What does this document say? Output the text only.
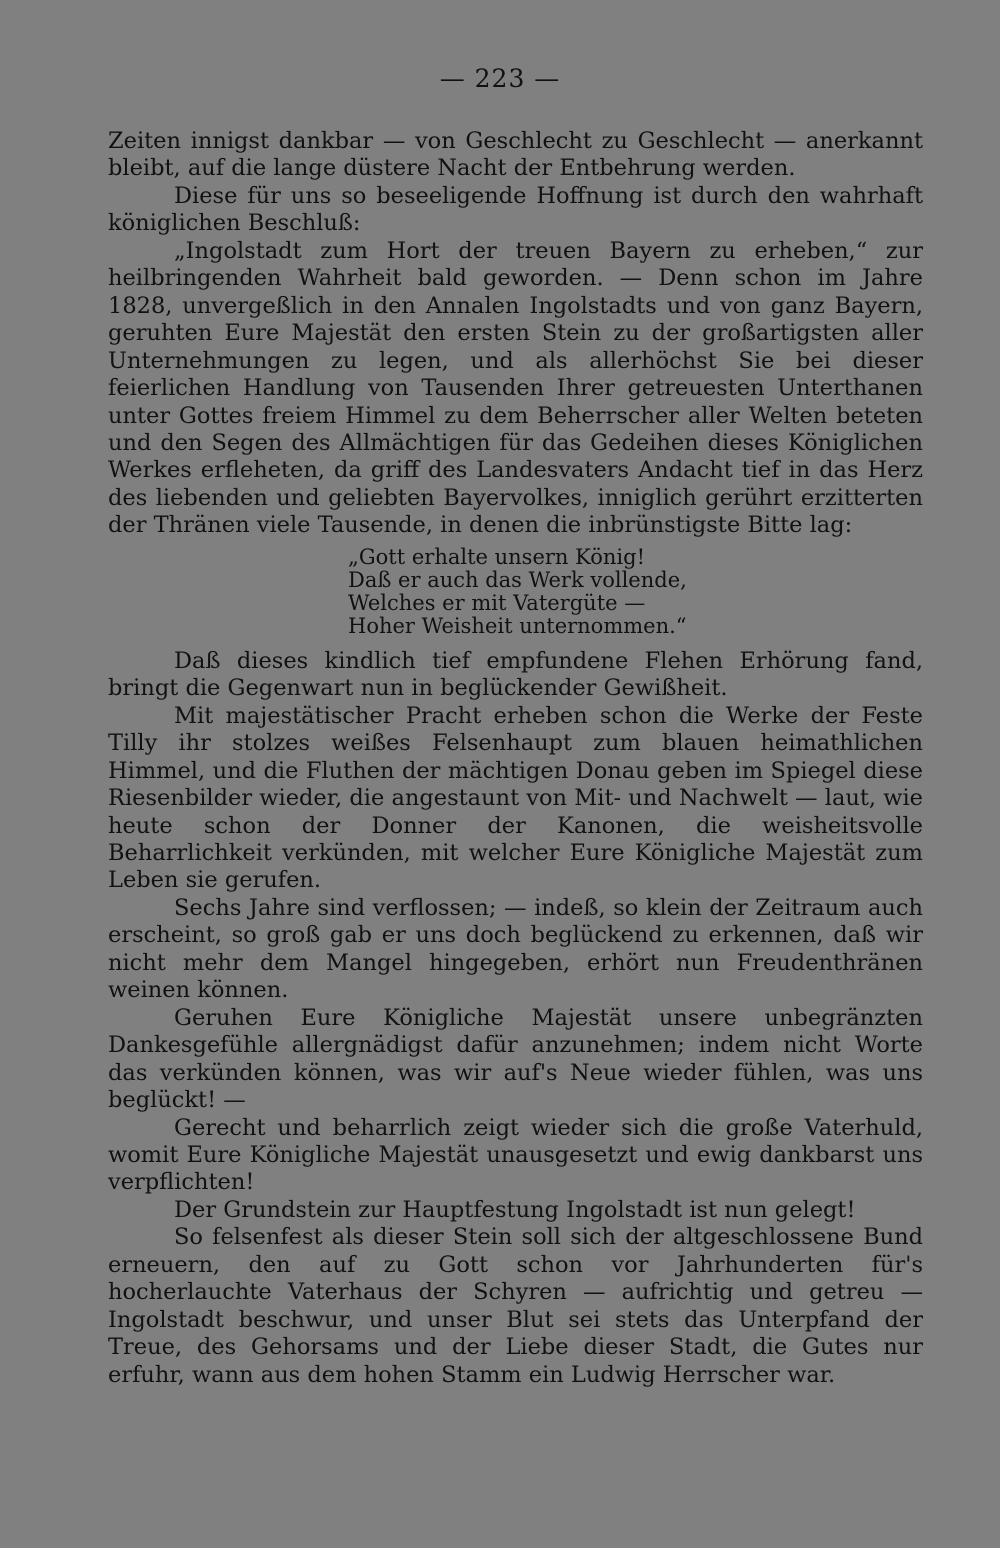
— 223 —

Zeiten innigst dankbar — von Geschlecht zu Geschlecht — anerkannt bleibt, auf die lange düstere Nacht der Entbehrung werden.

Diese für uns so beseeligende Hoffnung ist durch den wahrhaft königlichen Beschluß:

„Ingolstadt zum Hort der treuen Bayern zu erheben,“ zur heilbringenden Wahrheit bald geworden. — Denn schon im Jahre 1828, unvergeßlich in den Annalen Ingolstadts und von ganz Bayern, geruhten Eure Majestät den ersten Stein zu der großartigsten aller Unternehmungen zu legen, und als allerhöchst Sie bei dieser feierlichen Handlung von Tausenden Ihrer getreuesten Unterthanen unter Gottes freiem Himmel zu dem Beherrscher aller Welten beteten und den Segen des Allmächtigen für das Gedeihen dieses Königlichen Werkes erfleheten, da griff des Landesvaters Andacht tief in das Herz des liebenden und geliebten Bayervolkes, inniglich gerührt erzitterten der Thränen viele Tausende, in denen die inbrünstigste Bitte lag:

„Gott erhalte unsern König!
Daß er auch das Werk vollende,
Welches er mit Vatergüte —
Hoher Weisheit unternommen.“

Daß dieses kindlich tief empfundene Flehen Erhörung fand, bringt die Gegenwart nun in beglückender Gewißheit.

Mit majestätischer Pracht erheben schon die Werke der Feste Tilly ihr stolzes weißes Felsenhaupt zum blauen heimathlichen Himmel, und die Fluthen der mächtigen Donau geben im Spiegel diese Riesenbilder wieder, die angestaunt von Mit- und Nachwelt — laut, wie heute schon der Donner der Kanonen, die weisheitsvolle Beharrlichkeit verkünden, mit welcher Eure Königliche Majestät zum Leben sie gerufen.

Sechs Jahre sind verflossen; — indeß, so klein der Zeitraum auch erscheint, so groß gab er uns doch beglückend zu erkennen, daß wir nicht mehr dem Mangel hingegeben, erhört nun Freudenthränen weinen können.

Geruhen Eure Königliche Majestät unsere unbegränzten Dankesgefühle allergnädigst dafür anzunehmen; indem nicht Worte das verkünden können, was wir auf's Neue wieder fühlen, was uns beglückt! —

Gerecht und beharrlich zeigt wieder sich die große Vaterhuld, womit Eure Königliche Majestät unausgesetzt und ewig dankbarst uns verpflichten!

Der Grundstein zur Hauptfestung Ingolstadt ist nun gelegt!

So felsenfest als dieser Stein soll sich der altgeschlossene Bund erneuern, den auf zu Gott schon vor Jahrhunderten für's hocherlauchte Vaterhaus der Schyren — aufrichtig und getreu — Ingolstadt beschwur, und unser Blut sei stets das Unterpfand der Treue, des Gehorsams und der Liebe dieser Stadt, die Gutes nur erfuhr, wann aus dem hohen Stamm ein Ludwig Herrscher war.
